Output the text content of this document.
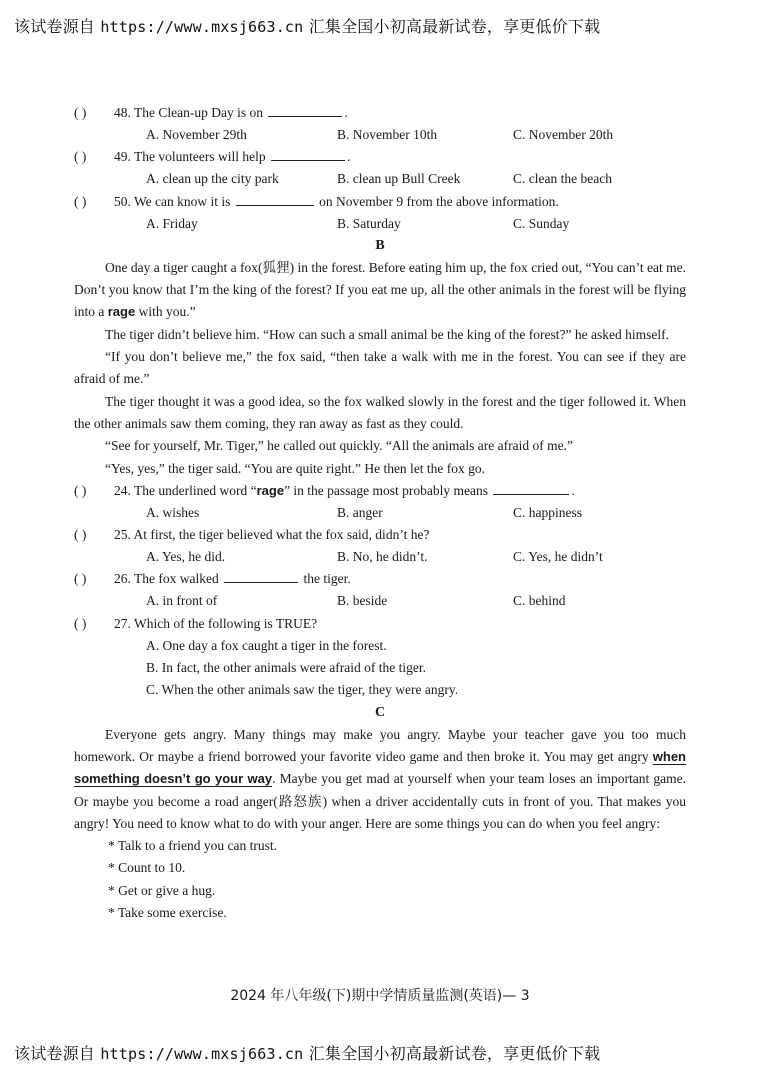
该试卷源自 https://www.mxsj663.cn 汇集全国小初高最新试卷，享更低价下载
( ) 48. The Clean-up Day is on	.
A. November 29th	B. November 10th	C. November 20th
( ) 49. The volunteers will help	.
A. clean up the city park	B. clean up Bull Creek	C. clean the beach
( ) 50. We can know it is	on November 9 from the above information.
A. Friday	B. Saturday	C. Sunday
B

One day a tiger caught a fox(狐狸) in the forest. Before eating him up, the fox cried out, “You can’t eat me. Don’t you know that I’m the king of the forest? If you eat me up, all the other animals in the forest will be flying into a rage with you.”

The tiger didn’t believe him. “How can such a small animal be the king of the forest?” he asked himself.

“If you don’t believe me,” the fox said, “then take a walk with me in the forest. You can see if they are afraid of me.”

The tiger thought it was a good idea, so the fox walked slowly in the forest and the tiger followed it. When the other animals saw them coming, they ran away as fast as they could.

“See for yourself, Mr. Tiger,” he called out quickly. “All the animals are afraid of me.”

“Yes, yes,” the tiger said. “You are quite right.” He then let the fox go.

( ) 24. The underlined word “rage” in the passage most probably means	.
A. wishes	B. anger	C. happiness
( ) 25. At first, the tiger believed what the fox said, didn’t he?
A. Yes, he did.	B. No, he didn’t.	C. Yes, he didn’t
( ) 26. The fox walked	the tiger.
A. in front of	B. beside	C. behind
( ) 27. Which of the following is TRUE?
A. One day a fox caught a tiger in the forest.
B. In fact, the other animals were afraid of the tiger.
C. When the other animals saw the tiger, they were angry.
C

Everyone gets angry. Many things may make you angry. Maybe your teacher gave you too much homework. Or maybe a friend borrowed your favorite video game and then broke it. You may get angry when something doesn’t go your way. Maybe you get mad at yourself when your team loses an important game. Or maybe you become a road anger(路怒族) when a driver accidentally cuts in front of you. That makes you angry! You need to know what to do with your anger. Here are some things you can do when you feel angry:

* Talk to a friend you can trust.
* Count to 10.
* Get or give a hug.
* Take some exercise.
2024 年八年级(下)期中学情质量监测(英语)— 3
该试卷源自 https://www.mxsj663.cn 汇集全国小初高最新试卷，享更低价下载
